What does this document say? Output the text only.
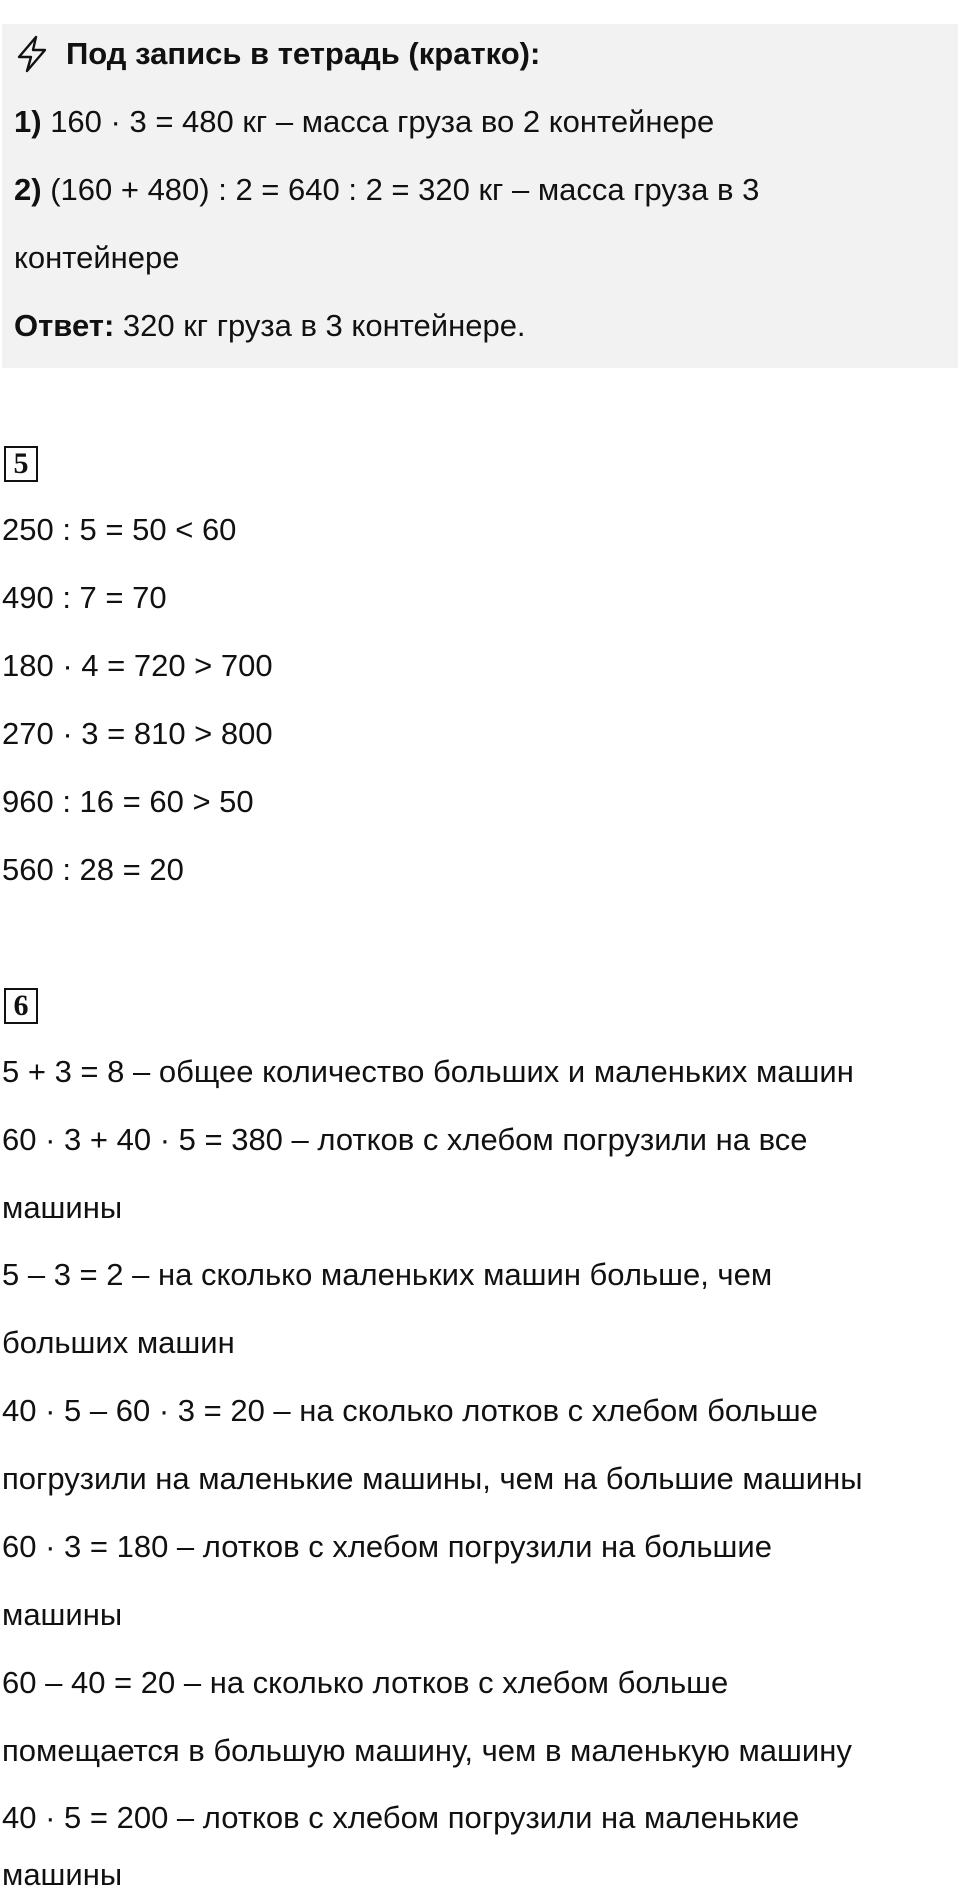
Под запись в тетрадь (кратко):
1) 160 · 3 = 480 кг – масса груза во 2 контейнере
2) (160 + 480) : 2 = 640 : 2 = 320 кг – масса груза в 3
контейнере
Ответ: 320 кг груза в 3 контейнере.
5
250 : 5 = 50 < 60
490 : 7 = 70
180 · 4 = 720 > 700
270 · 3 = 810 > 800
960 : 16 = 60 > 50
560 : 28 = 20
6
5 + 3 = 8 – общее количество больших и маленьких машин
60 · 3 + 40 · 5 = 380 – лотков с хлебом погрузили на все
машины
5 – 3 = 2 – на сколько маленьких машин больше, чем
больших машин
40 · 5 – 60 · 3 = 20 – на сколько лотков с хлебом больше
погрузили на маленькие машины, чем на большие машины
60 · 3 = 180 – лотков с хлебом погрузили на большие
машины
60 – 40 = 20 – на сколько лотков с хлебом больше
помещается в большую машину, чем в маленькую машину
40 · 5 = 200 – лотков с хлебом погрузили на маленькие
машины
